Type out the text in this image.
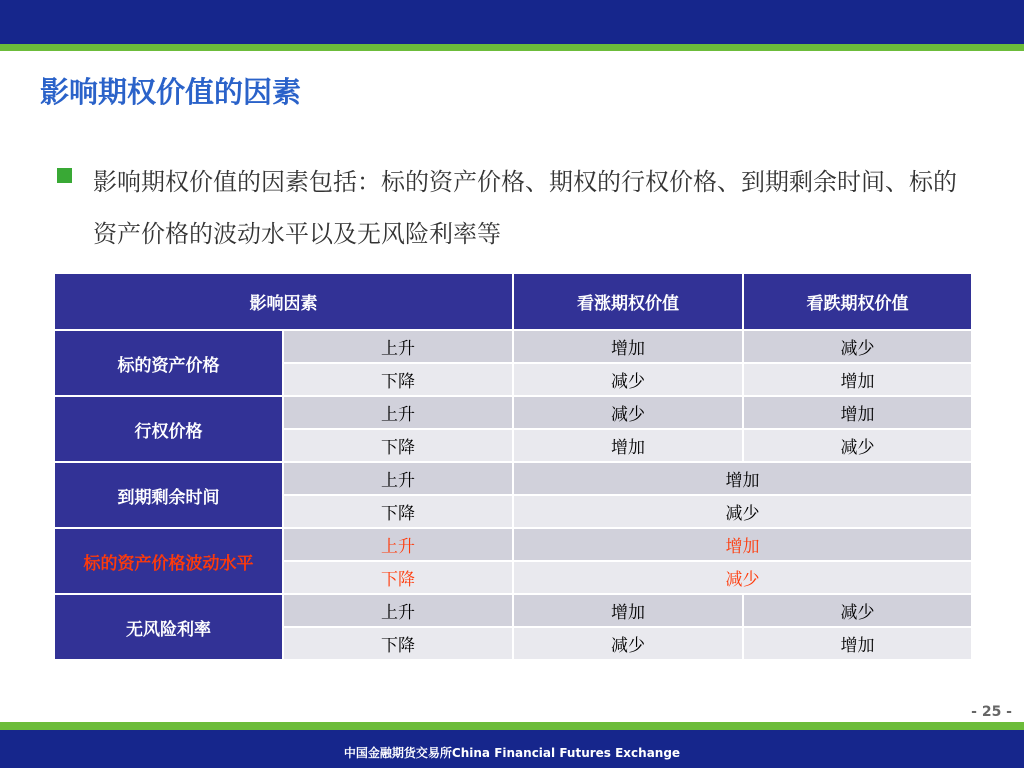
影响期权价值的因素

影响期权价值的因素包括：标的资产价格、期权的行权价格、到期剩余时间、标的资产价格的波动水平以及无风险利率等

影响因素		看涨期权价值	看跌期权价值
标的资产价格	上升	增加	减少
	下降	减少	增加
行权价格	上升	减少	增加
	下降	增加	减少
到期剩余时间	上升	增加	
	下降	减少	
标的资产价格波动水平	上升	增加	
	下降	减少	
无风险利率	上升	增加	减少
	下降	减少	增加
- 25 -
中国金融期货交易所China Financial Futures Exchange
